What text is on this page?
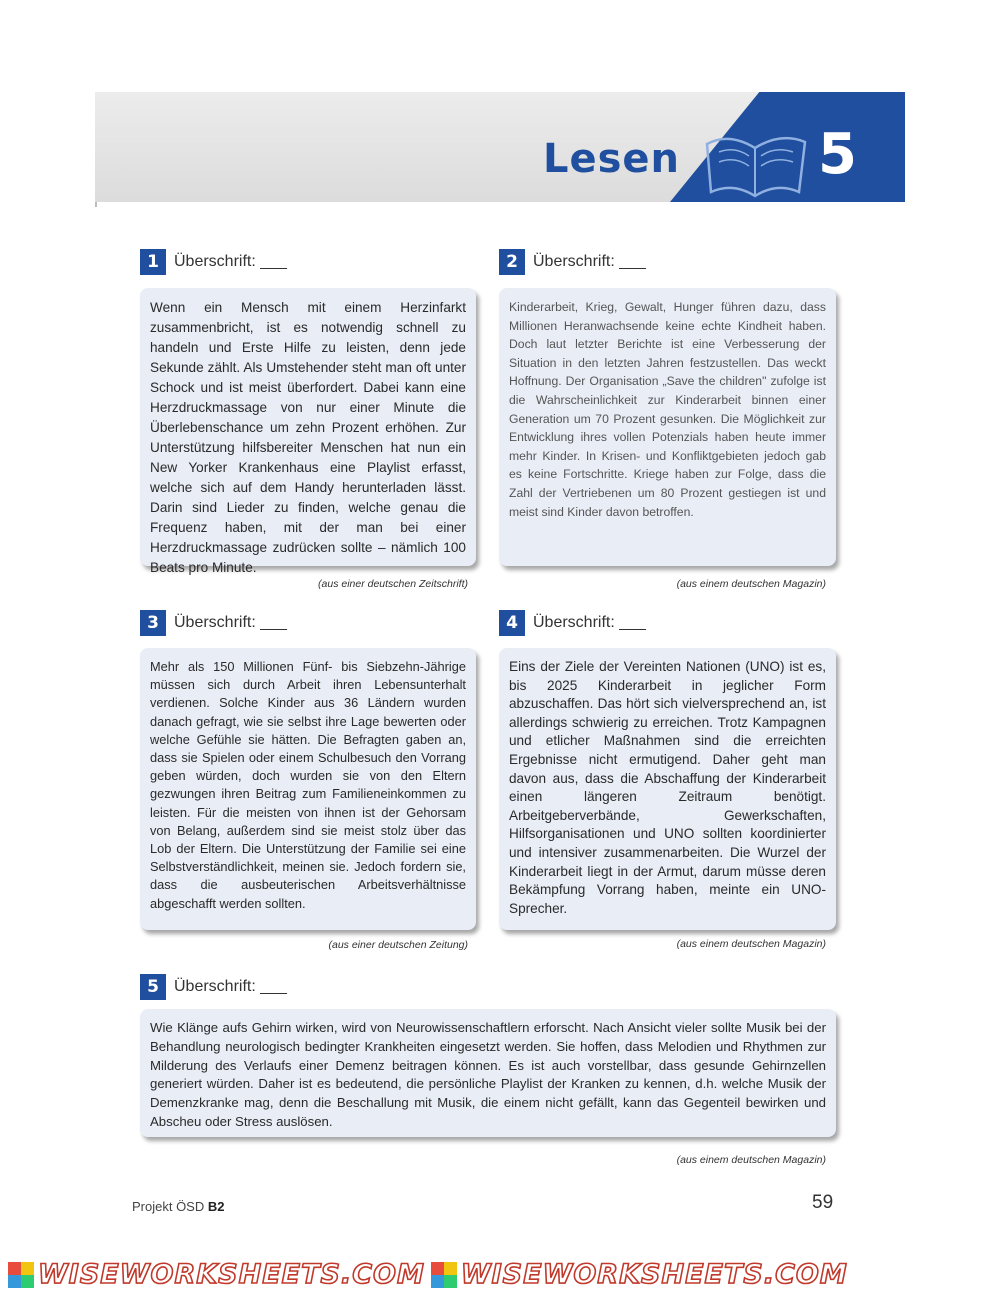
Lesen 5
1 Überschrift: ___
Wenn ein Mensch mit einem Herzinfarkt zusammenbricht, ist es notwendig schnell zu handeln und Erste Hilfe zu leisten, denn jede Sekunde zählt. Als Umstehender steht man oft unter Schock und ist meist überfordert. Dabei kann eine Herzdruckmassage von nur einer Minute die Überlebenschance um zehn Prozent erhöhen. Zur Unterstützung hilfsbereiter Menschen hat nun ein New Yorker Krankenhaus eine Playlist erfasst, welche sich auf dem Handy herunterladen lässt. Darin sind Lieder zu finden, welche genau die Frequenz haben, mit der man bei einer Herzdruckmassage zudrücken sollte – nämlich 100 Beats pro Minute.
(aus einer deutschen Zeitschrift)
2 Überschrift: ___
Kinderarbeit, Krieg, Gewalt, Hunger führen dazu, dass Millionen Heranwachsende keine echte Kindheit haben. Doch laut letzter Berichte ist eine Verbesserung der Situation in den letzten Jahren festzustellen. Das weckt Hoffnung. Der Organisation „Save the children" zufolge ist die Wahrscheinlichkeit zur Kinderarbeit binnen einer Generation um 70 Prozent gesunken. Die Möglichkeit zur Entwicklung ihres vollen Potenzials haben heute immer mehr Kinder. In Krisen- und Konfliktgebieten jedoch gab es keine Fortschritte. Kriege haben zur Folge, dass die Zahl der Vertriebenen um 80 Prozent gestiegen ist und meist sind Kinder davon betroffen.
(aus einem deutschen Magazin)
3 Überschrift: ___
Mehr als 150 Millionen Fünf- bis Siebzehn-Jährige müssen sich durch Arbeit ihren Lebensunterhalt verdienen. Solche Kinder aus 36 Ländern wurden danach gefragt, wie sie selbst ihre Lage bewerten oder welche Gefühle sie hätten. Die Befragten gaben an, dass sie Spielen oder einem Schulbesuch den Vorrang geben würden, doch wurden sie von den Eltern gezwungen ihren Beitrag zum Familieneinkommen zu leisten. Für die meisten von ihnen ist der Gehorsam von Belang, außerdem sind sie meist stolz über das Lob der Eltern. Die Unterstützung der Familie sei eine Selbstverständlichkeit, meinen sie. Jedoch fordern sie, dass die ausbeuterischen Arbeitsverhältnisse abgeschafft werden sollten.
(aus einer deutschen Zeitung)
4 Überschrift: ___
Eins der Ziele der Vereinten Nationen (UNO) ist es, bis 2025 Kinderarbeit in jeglicher Form abzuschaffen. Das hört sich vielversprechend an, ist allerdings schwierig zu erreichen. Trotz Kampagnen und etlicher Maßnahmen sind die erreichten Ergebnisse nicht ermutigend. Daher geht man davon aus, dass die Abschaffung der Kinderarbeit einen längeren Zeitraum benötigt. Arbeitgeberverbände, Gewerkschaften, Hilfsorganisationen und UNO sollten koordinierter und intensiver zusammenarbeiten. Die Wurzel der Kinderarbeit liegt in der Armut, darum müsse deren Bekämpfung Vorrang haben, meinte ein UNO-Sprecher.
(aus einem deutschen Magazin)
5 Überschrift: ___
Wie Klänge aufs Gehirn wirken, wird von Neurowissenschaftlern erforscht. Nach Ansicht vieler sollte Musik bei der Behandlung neurologisch bedingter Krankheiten eingesetzt werden. Sie hoffen, dass Melodien und Rhythmen zur Milderung des Verlaufs einer Demenz beitragen können. Es ist auch vorstellbar, dass gesunde Gehirnzellen generiert würden. Daher ist es bedeutend, die persönliche Playlist der Kranken zu kennen, d.h. welche Musik der Demenzkranke mag, denn die Beschallung mit Musik, die einem nicht gefällt, kann das Gegenteil bewirken und Abscheu oder Stress auslösen.
(aus einem deutschen Magazin)
Projekt ÖSD B2	59
WISEWORKSHEETS.COM WISEWORKSHEETS.COM
